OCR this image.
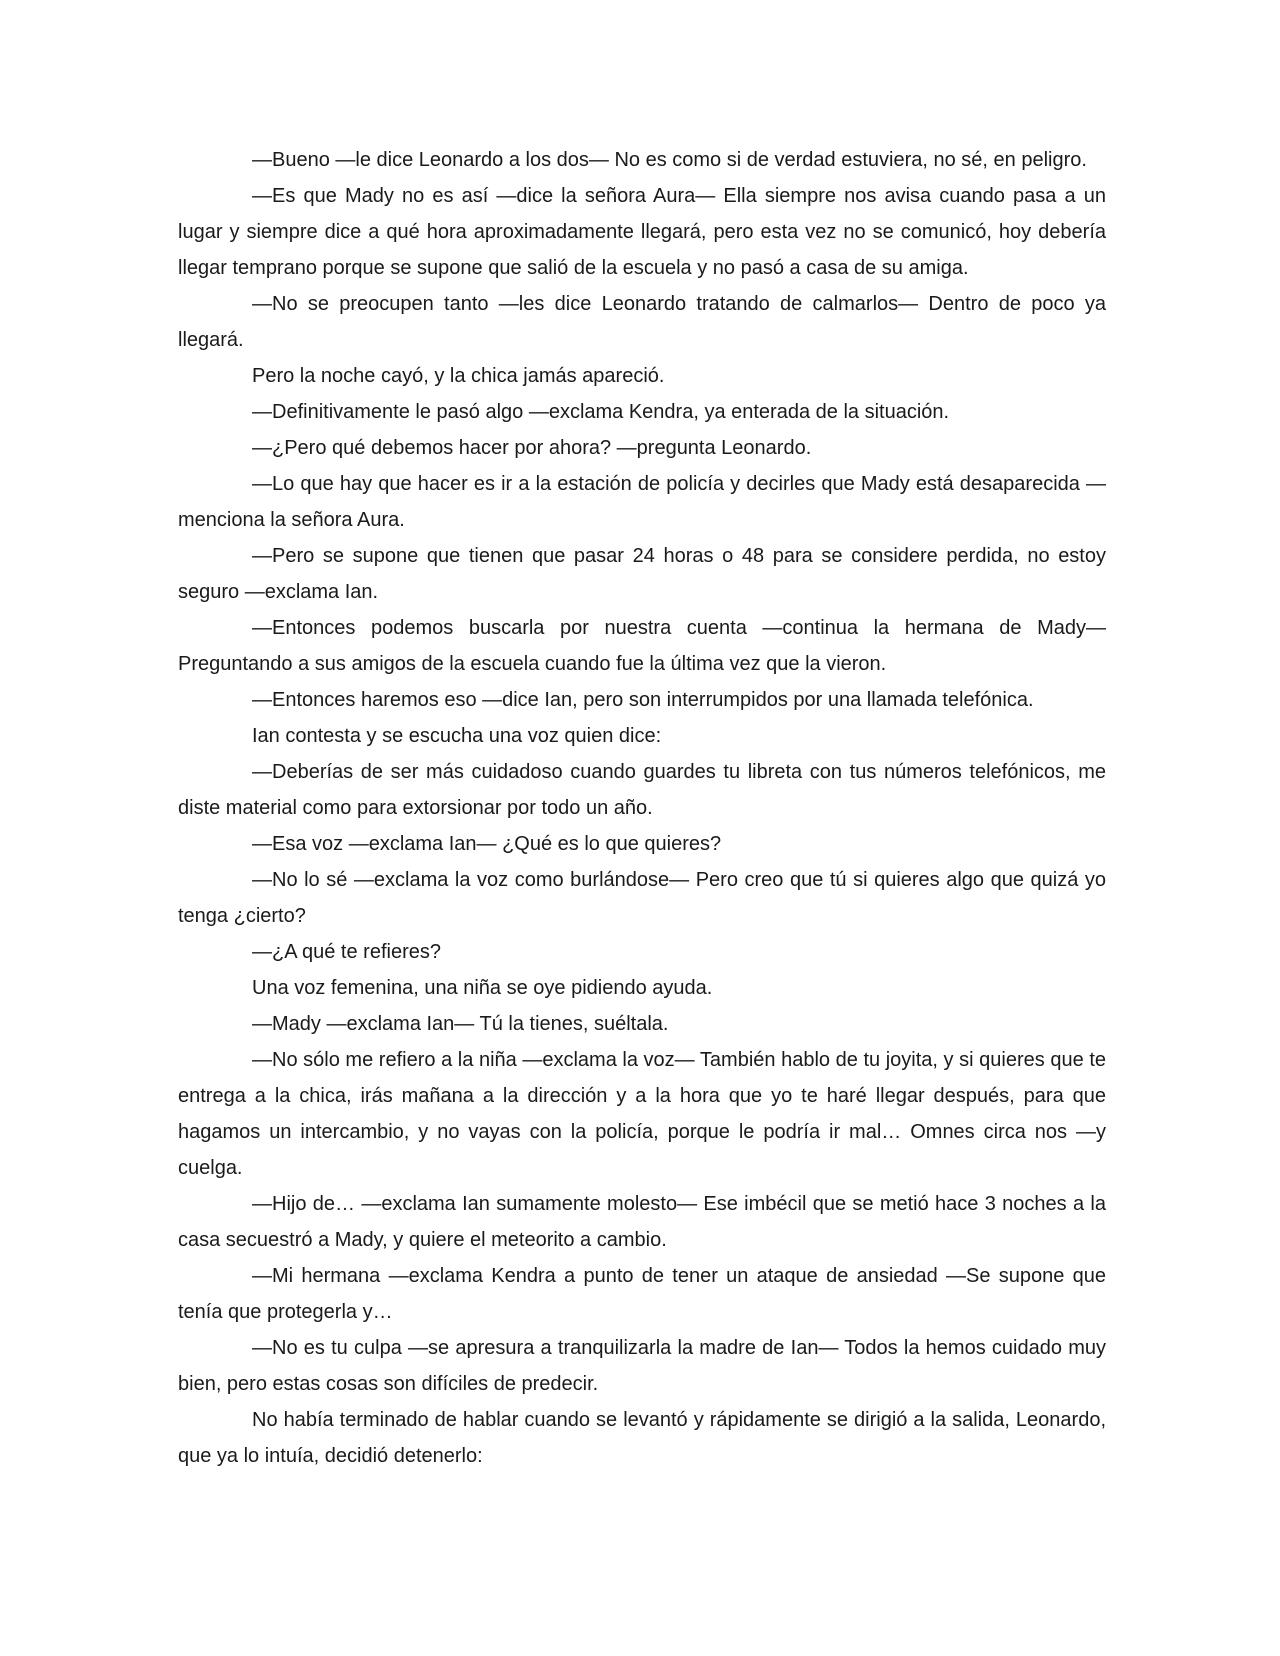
—Bueno —le dice Leonardo a los dos— No es como si de verdad estuviera, no sé, en peligro.

—Es que Mady no es así —dice la señora Aura— Ella siempre nos avisa cuando pasa a un lugar y siempre dice a qué hora aproximadamente llegará, pero esta vez no se comunicó, hoy debería llegar temprano porque se supone que salió de la escuela y no pasó a casa de su amiga.

—No se preocupen tanto —les dice Leonardo tratando de calmarlos— Dentro de poco ya llegará.

Pero la noche cayó, y la chica jamás apareció.

—Definitivamente le pasó algo —exclama Kendra, ya enterada de la situación.

—¿Pero qué debemos hacer por ahora? —pregunta Leonardo.

—Lo que hay que hacer es ir a la estación de policía y decirles que Mady está desaparecida —menciona la señora Aura.

—Pero se supone que tienen que pasar 24 horas o 48 para se considere perdida, no estoy seguro —exclama Ian.

—Entonces podemos buscarla por nuestra cuenta —continua la hermana de Mady— Preguntando a sus amigos de la escuela cuando fue la última vez que la vieron.

—Entonces haremos eso —dice Ian, pero son interrumpidos por una llamada telefónica.

Ian contesta y se escucha una voz quien dice:

—Deberías de ser más cuidadoso cuando guardes tu libreta con tus números telefónicos, me diste material como para extorsionar por todo un año.

—Esa voz —exclama Ian— ¿Qué es lo que quieres?

—No lo sé —exclama la voz como burlándose— Pero creo que tú si quieres algo que quizá yo tenga ¿cierto?

—¿A qué te refieres?

Una voz femenina, una niña se oye pidiendo ayuda.

—Mady —exclama Ian— Tú la tienes, suéltala.

—No sólo me refiero a la niña —exclama la voz— También hablo de tu joyita, y si quieres que te entrega a la chica, irás mañana a la dirección y a la hora que yo te haré llegar después, para que hagamos un intercambio, y no vayas con la policía, porque le podría ir mal… Omnes circa nos —y cuelga.

—Hijo de… —exclama Ian sumamente molesto— Ese imbécil que se metió hace 3 noches a la casa secuestró a Mady, y quiere el meteorito a cambio.

—Mi hermana —exclama Kendra a punto de tener un ataque de ansiedad —Se supone que tenía que protegerla y…

—No es tu culpa —se apresura a tranquilizarla la madre de Ian— Todos la hemos cuidado muy bien, pero estas cosas son difíciles de predecir.

No había terminado de hablar cuando se levantó y rápidamente se dirigió a la salida, Leonardo, que ya lo intuía, decidió detenerlo:
